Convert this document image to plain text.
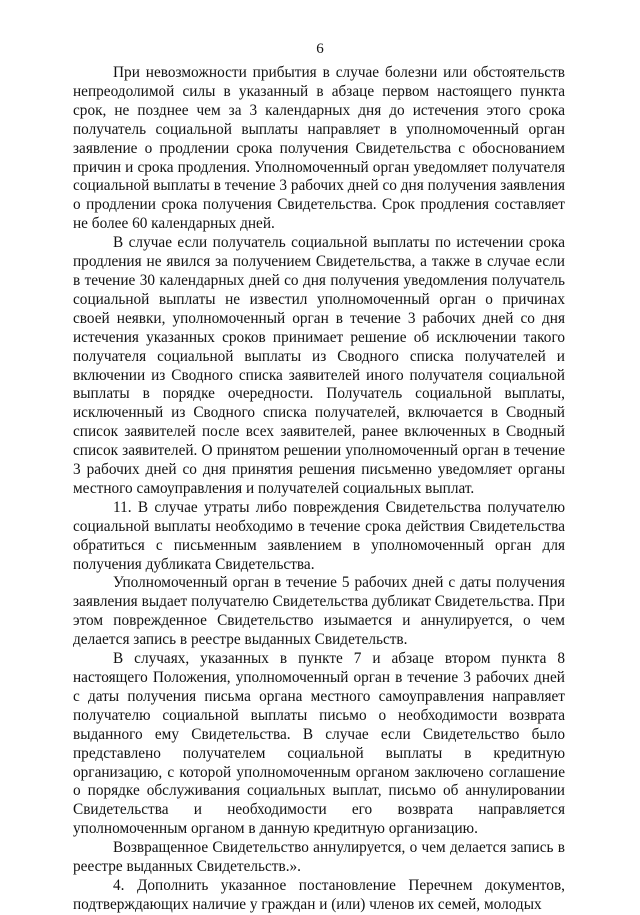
6

При невозможности прибытия в случае болезни или обстоятельств непреодолимой силы в указанный в абзаце первом настоящего пункта срок, не позднее чем за 3 календарных дня до истечения этого срока получатель социальной выплаты направляет в уполномоченный орган заявление о продлении срока получения Свидетельства с обоснованием причин и срока продления. Уполномоченный орган уведомляет получателя социальной выплаты в течение 3 рабочих дней со дня получения заявления о продлении срока получения Свидетельства. Срок продления составляет не более 60 календарных дней.

В случае если получатель социальной выплаты по истечении срока продления не явился за получением Свидетельства, а также в случае если в течение 30 календарных дней со дня получения уведомления получатель социальной выплаты не известил уполномоченный орган о причинах своей неявки, уполномоченный орган в течение 3 рабочих дней со дня истечения указанных сроков принимает решение об исключении такого получателя социальной выплаты из Сводного списка получателей и включении из Сводного списка заявителей иного получателя социальной выплаты в порядке очередности. Получатель социальной выплаты, исключенный из Сводного списка получателей, включается в Сводный список заявителей после всех заявителей, ранее включенных в Сводный список заявителей. О принятом решении уполномоченный орган в течение 3 рабочих дней со дня принятия решения письменно уведомляет органы местного самоуправления и получателей социальных выплат.

11. В случае утраты либо повреждения Свидетельства получателю социальной выплаты необходимо в течение срока действия Свидетельства обратиться с письменным заявлением в уполномоченный орган для получения дубликата Свидетельства.

Уполномоченный орган в течение 5 рабочих дней с даты получения заявления выдает получателю Свидетельства дубликат Свидетельства. При этом поврежденное Свидетельство изымается и аннулируется, о чем делается запись в реестре выданных Свидетельств.

В случаях, указанных в пункте 7 и абзаце втором пункта 8 настоящего Положения, уполномоченный орган в течение 3 рабочих дней с даты получения письма органа местного самоуправления направляет получателю социальной выплаты письмо о необходимости возврата выданного ему Свидетельства. В случае если Свидетельство было представлено получателем социальной выплаты в кредитную организацию, с которой уполномоченным органом заключено соглашение о порядке обслуживания социальных выплат, письмо об аннулировании Свидетельства и необходимости его возврата направляется уполномоченным органом в данную кредитную организацию.

Возвращенное Свидетельство аннулируется, о чем делается запись в реестре выданных Свидетельств.».

4. Дополнить указанное постановление Перечнем документов, подтверждающих наличие у граждан и (или) членов их семей, молодых
